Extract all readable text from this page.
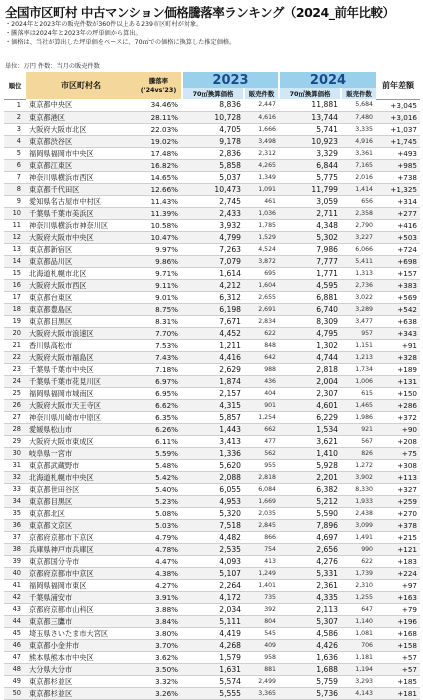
全国市区町村 中古マンション価格騰落率ランキング（2024_前年比較）
・2024年と2023年の販売件数が360件以上ある239市区町村が対象。
・騰落率は2024年と2023年の坪単価から算出。
・価格は、当社が算出した坪単価をベースに、70㎡での価格に換算した推定価格。
単位：万円 件数：当月の販売件数
順位	市区町村名	騰落率
('24vs'23)	2023		2024		前年差額
			70㎡換算価格	販売件数	70㎡換算価格	販売件数	
1	東京都中央区	34.46%	8,836	2,447	11,881	5,684	+3,045
2	東京都港区	28.11%	10,728	4,616	13,744	7,480	+3,016
3	大阪府大阪市北区	22.03%	4,705	1,666	5,741	3,335	+1,037
4	東京都渋谷区	19.02%	9,178	3,498	10,923	4,916	+1,745
5	福岡県福岡市中央区	17.48%	2,836	2,312	3,329	3,361	+493
6	東京都江東区	16.82%	5,858	4,265	6,844	7,165	+985
7	神奈川県横浜市西区	14.65%	5,037	1,349	5,775	2,016	+738
8	東京都千代田区	12.66%	10,473	1,091	11,799	1,414	+1,325
9	愛知県名古屋市中村区	11.43%	2,745	461	3,059	656	+314
10	千葉県千葉市美浜区	11.39%	2,433	1,036	2,711	2,358	+277
11	神奈川県横浜市神奈川区	10.58%	3,932	1,785	4,348	2,790	+416
12	大阪府大阪市中央区	10.47%	4,799	1,529	5,302	3,227	+503
13	東京都新宿区	9.97%	7,263	4,524	7,986	6,066	+724
14	東京都品川区	9.86%	7,079	3,872	7,777	5,411	+698
15	北海道札幌市北区	9.71%	1,614	695	1,771	1,313	+157
16	大阪府大阪市西区	9.11%	4,212	1,604	4,595	2,736	+383
17	東京都台東区	9.01%	6,312	2,655	6,881	3,022	+569
18	東京都豊島区	8.75%	6,198	2,691	6,740	3,289	+542
19	東京都目黒区	8.31%	7,671	2,834	8,309	3,477	+638
20	大阪府大阪市浪速区	7.70%	4,452	622	4,795	957	+343
21	香川県高松市	7.53%	1,211	848	1,302	1,151	+91
22	大阪府大阪市福島区	7.43%	4,416	642	4,744	1,213	+328
23	千葉県千葉市中央区	7.18%	2,629	988	2,818	1,734	+189
24	千葉県千葉市花見川区	6.97%	1,874	436	2,004	1,006	+131
25	福岡県福岡市城南区	6.95%	2,157	404	2,307	615	+150
26	大阪府大阪市天王寺区	6.62%	4,315	901	4,601	1,465	+286
27	神奈川県川崎市中原区	6.35%	5,857	1,254	6,229	1,986	+372
28	愛媛県松山市	6.26%	1,443	662	1,534	921	+90
29	大阪府大阪市東成区	6.11%	3,413	477	3,621	567	+208
30	岐阜県一宮市	5.59%	1,336	562	1,410	826	+75
31	東京都武蔵野市	5.48%	5,620	955	5,928	1,272	+308
32	北海道札幌市中央区	5.42%	2,088	2,818	2,201	3,902	+113
33	東京都世田谷区	5.40%	6,055	6,084	6,382	8,330	+327
34	東京都目黒区	5.23%	4,953	1,669	5,212	1,933	+259
35	東京都北区	5.08%	5,320	2,035	5,590	2,438	+270
36	東京都文京区	5.03%	7,518	2,845	7,896	3,099	+378
37	京都府京都市下京区	4.79%	4,482	866	4,697	1,491	+215
38	兵庫県神戸市兵庫区	4.78%	2,535	754	2,656	990	+121
39	東京都国分寺市	4.47%	4,093	413	4,276	622	+183
40	京都府京都市中京区	4.38%	5,107	1,249	5,331	1,739	+224
41	福岡県福岡市東区	4.27%	2,264	1,401	2,361	2,310	+97
42	千葉県浦安市	3.91%	4,172	735	4,335	1,255	+163
43	京都府京都市山科区	3.88%	2,034	392	2,113	647	+79
44	東京都三鷹市	3.84%	5,111	804	5,307	1,140	+196
45	埼玉県さいたま市大宮区	3.80%	4,419	545	4,586	1,081	+168
46	東京都小金井市	3.70%	4,268	409	4,426	706	+158
47	熊本県熊本市中央区	3.62%	1,579	958	1,636	1,181	+57
48	大分県大分市	3.50%	1,631	881	1,688	1,194	+57
49	東京都杉並区	3.32%	5,574	2,499	5,759	3,293	+185
50	東京都杉並区	3.26%	5,555	3,365	5,736	4,143	+181
